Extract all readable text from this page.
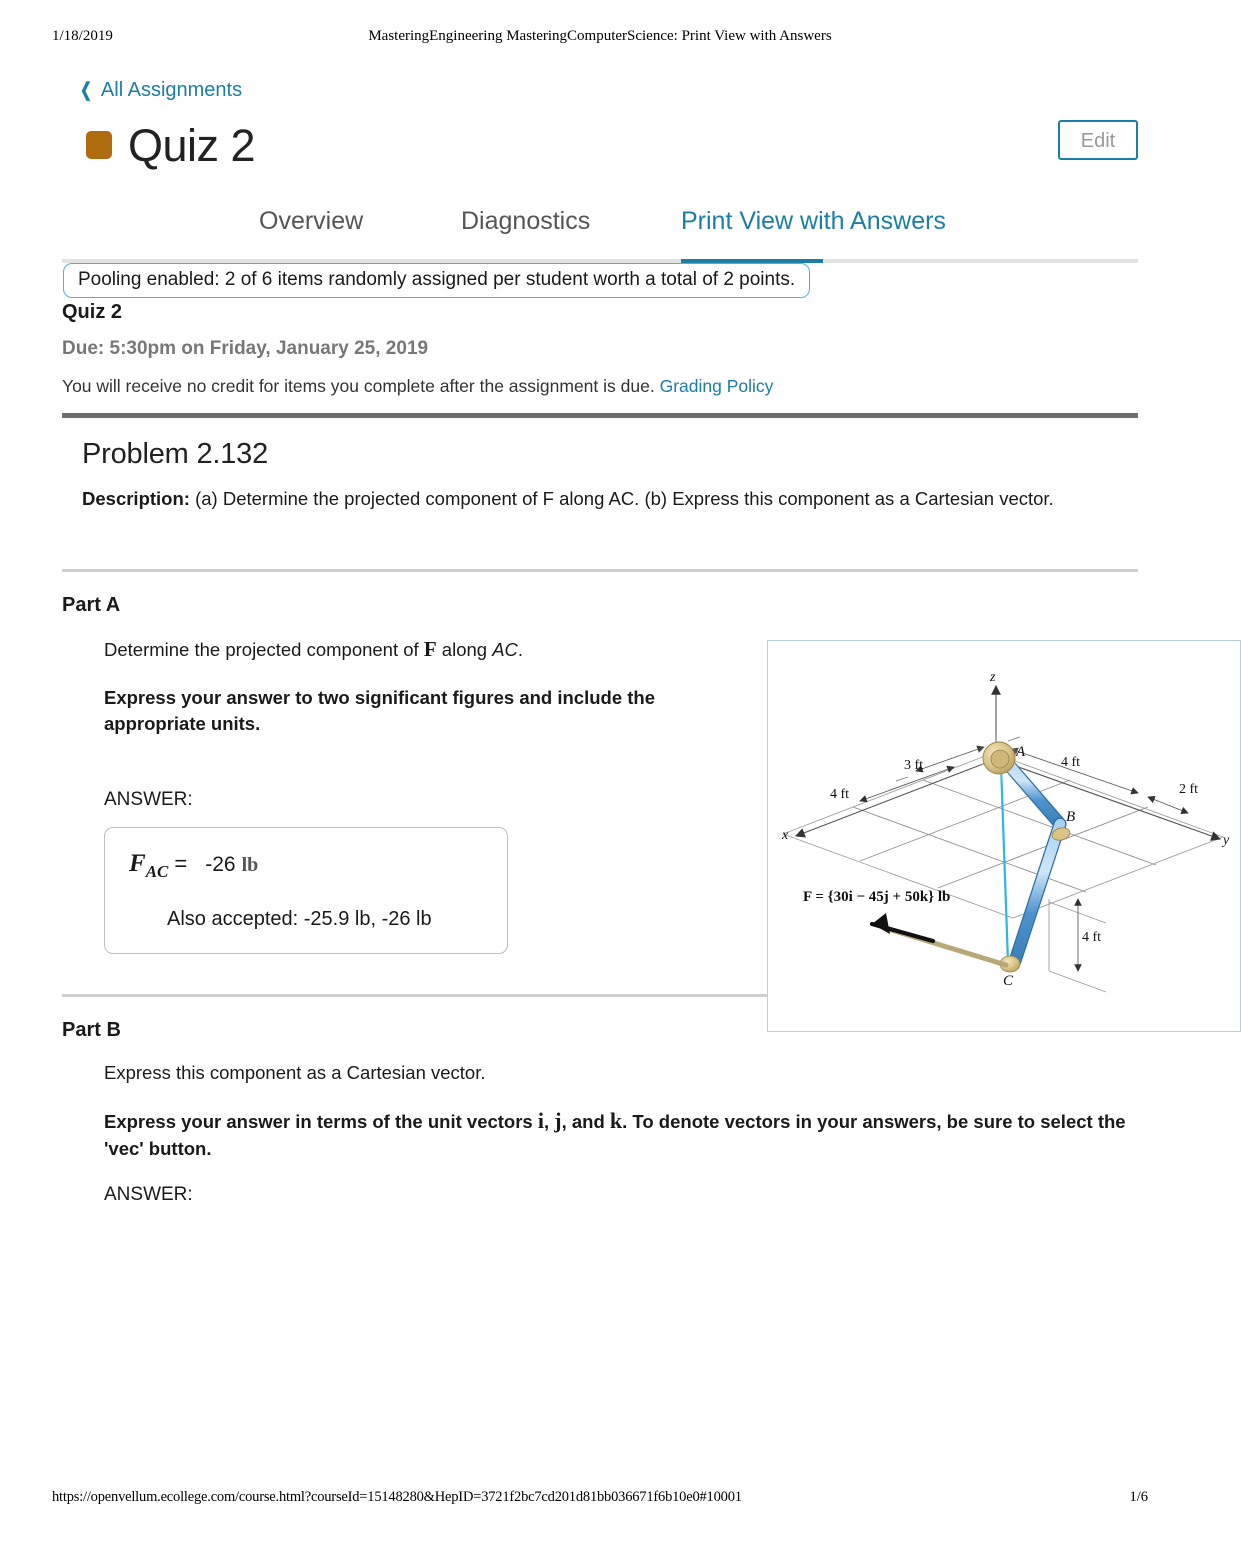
1/18/2019	MasteringEngineering MasteringComputerScience: Print View with Answers
❮ All Assignments
Quiz 2	Edit
Overview	Diagnostics	Print View with Answers
Pooling enabled: 2 of 6 items randomly assigned per student worth a total of 2 points.
Quiz 2
Due: 5:30pm on Friday, January 25, 2019
You will receive no credit for items you complete after the assignment is due. Grading Policy
Problem 2.132
Description: (a) Determine the projected component of F along AC. (b) Express this component as a Cartesian vector.
Part A
Determine the projected component of F along AC.
Express your answer to two significant figures and include the appropriate units.
ANSWER:
$F_{AC} = -26$ lb
Also accepted: -25.9 lb, -26 lb
z
x	y
3 ft
4 ft
4 ft
2 ft
4 ft
A
B
C
F = {30i − 45j + 50k} lb
Part B
Express this component as a Cartesian vector.
Express your answer in terms of the unit vectors i, j, and k. To denote vectors in your answers, be sure to select the 'vec' button.
ANSWER:
https://openvellum.ecollege.com/course.html?courseId=15148280&HepID=3721f2bc7cd201d81bb036671f6b10e0#10001	1/6
